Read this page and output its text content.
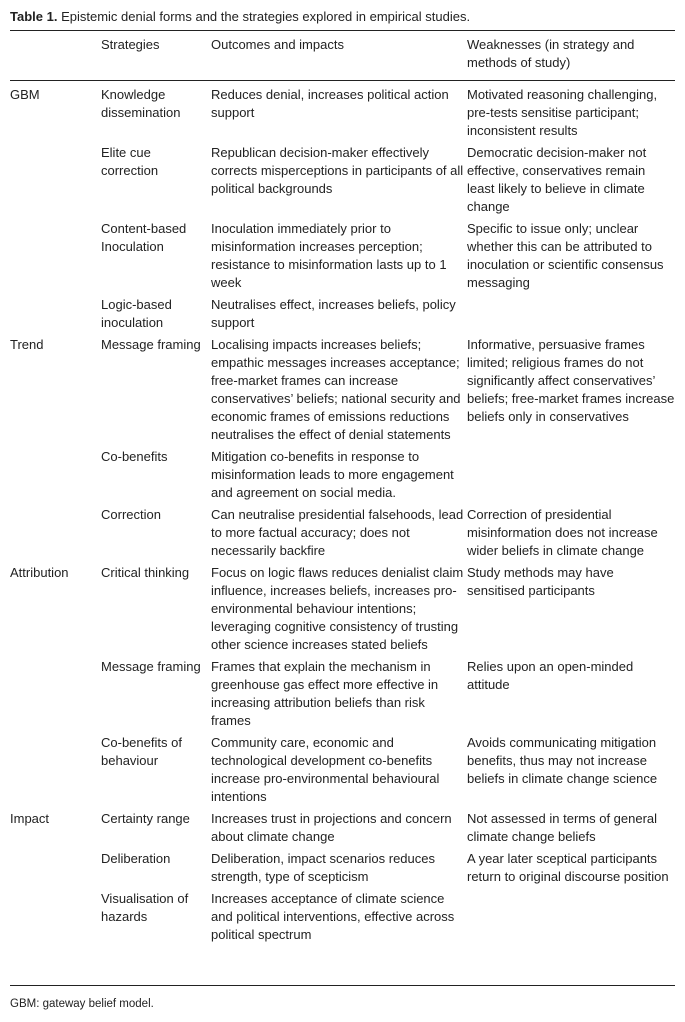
Table 1. Epistemic denial forms and the strategies explored in empirical studies.
	Strategies	Outcomes and impacts	Weaknesses (in strategy and methods of study)
GBM	Knowledge dissemination	Reduces denial, increases political action support	Motivated reasoning challenging, pre-tests sensitise participant; inconsistent results
	Elite cue correction	Republican decision-maker effectively corrects misperceptions in participants of all political backgrounds	Democratic decision-maker not effective, conservatives remain least likely to believe in climate change
	Content-based Inoculation	Inoculation immediately prior to misinformation increases perception; resistance to misinformation lasts up to 1 week	Specific to issue only; unclear whether this can be attributed to inoculation or scientific consensus messaging
	Logic-based inoculation	Neutralises effect, increases beliefs, policy support	
Trend	Message framing	Localising impacts increases beliefs; empathic messages increases acceptance; free-market frames can increase conservatives’ beliefs; national security and economic frames of emissions reductions neutralises the effect of denial statements	Informative, persuasive frames limited; religious frames do not significantly affect conservatives’ beliefs; free-market frames increase beliefs only in conservatives
	Co-benefits	Mitigation co-benefits in response to misinformation leads to more engagement and agreement on social media.	
	Correction	Can neutralise presidential falsehoods, lead to more factual accuracy; does not necessarily backfire	Correction of presidential misinformation does not increase wider beliefs in climate change
Attribution	Critical thinking	Focus on logic flaws reduces denialist claim influence, increases beliefs, increases pro-environmental behaviour intentions; leveraging cognitive consistency of trusting other science increases stated beliefs	Study methods may have sensitised participants
	Message framing	Frames that explain the mechanism in greenhouse gas effect more effective in increasing attribution beliefs than risk frames	Relies upon an open-minded attitude
	Co-benefits of behaviour	Community care, economic and technological development co-benefits increase pro-environmental behavioural intentions	Avoids communicating mitigation benefits, thus may not increase beliefs in climate change science
Impact	Certainty range	Increases trust in projections and concern about climate change	Not assessed in terms of general climate change beliefs
	Deliberation	Deliberation, impact scenarios reduces strength, type of scepticism	A year later sceptical participants return to original discourse position
	Visualisation of hazards	Increases acceptance of climate science and political interventions, effective across political spectrum	
GBM: gateway belief model.
